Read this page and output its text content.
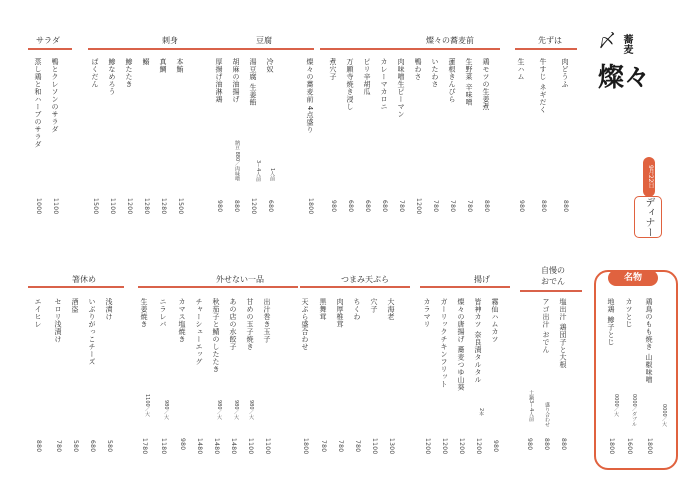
〆 蕎麦
燦々
9月22日
ディナー
サラダ
鴨とクレソンのサラダ
1100
蒸し鶏と和ハーブのサラダ
1000
刺身
本鮪
1500
真鯛
1280
鰯
1280
鯵たたき
1200
鯵なめろう
1100
ばくだん
1500
豆腐
冷奴
1人前
680
湯豆腐 生姜餡
3～4人前
1200
胡麻の油揚げ
納豆 880／肉味噌
880
厚揚げ油淋鶏
980
燦々の蕎麦前
鶏モツの生姜煮
880
生野菜 辛味噌
780
蓮根きんぴら
780
いたわさ
780
鴨わさ
1200
肉味噌生ピーマン
780
カレーマカロニ
680
ピリ辛胡瓜
680
万願寺焼き浸し
680
煮穴子
980
燦々の蕎麦前 4点盛り
1800
先ずは
肉どうふ
880
牛すじ ネギだく
880
生ハム
980
箸休め
浅漬け
580
いぶりがっこチーズ
680
酒盗
580
セロリ浅漬け
780
エイヒレ
880
外せない一品
出汁巻き玉子
1100
甘めの玉子焼き
980／大
1100
あの店の水餃子
980／大
1480
秋茄子と鯖のしたたき
980／大
1480
チャーシューエッグ
1480
カマス塩焼き
980
ニラレバ
980／大
1180
生姜焼き
1100／大
1780
つまみ天ぷら
大海老
1300
穴子
1100
ちくわ
780
肉厚椎茸
780
黒舞茸
780
天ぷら盛合わせ
1800
揚げ
霧仙ハムカツ
980
皆神カツ 奈良漬タルタル
2本
1200
燦々の唐揚げ 蕎麦つゆ山葵
1200
ガーリックチキンフリット
1200
カラマリ
1200
自慢の
おでん
塩出汁 鶏団子と大根
880
アゴ出汁 おでん
盛り合わせ
880
土鍋3～4人前
980
名物
鶏鳥のもも焼き 山椒味噌
0000／大
1800
カツとじ
0000／ダブル
1600
地鶏 鯵子とじ
0000／大
1800
